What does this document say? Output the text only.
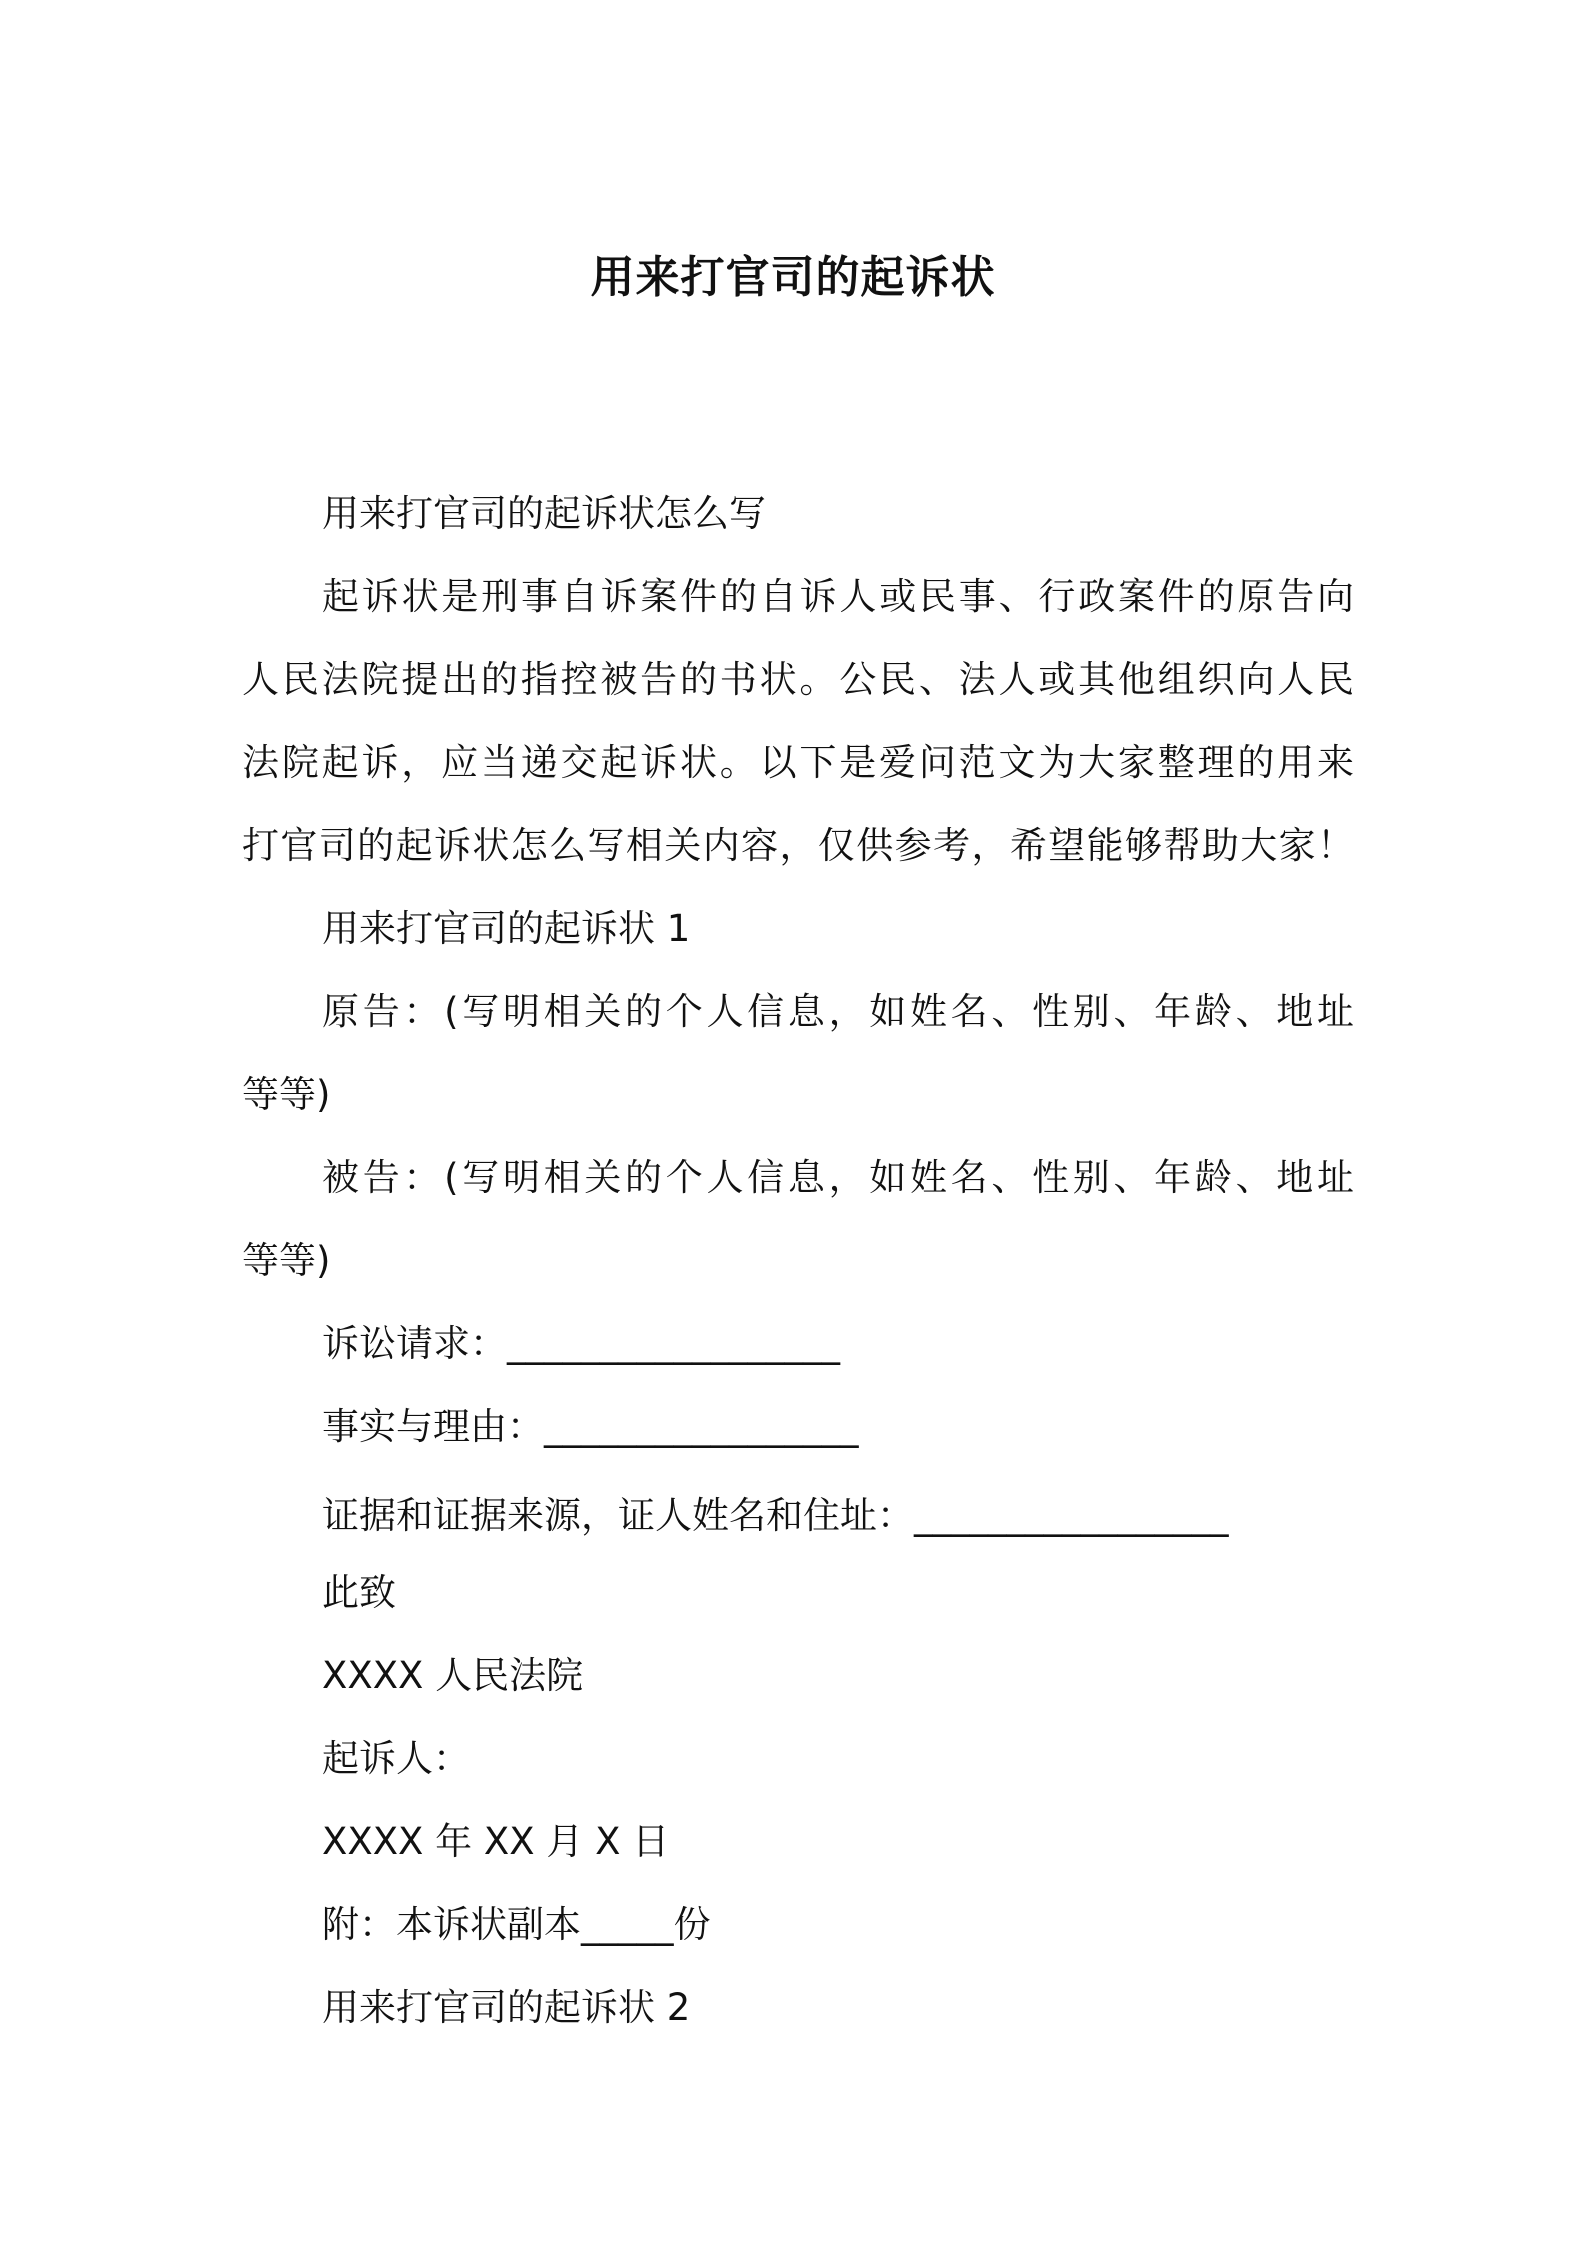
用来打官司的起诉状
用来打官司的起诉状怎么写
起诉状是刑事自诉案件的自诉人或民事、行政案件的原告向
人民法院提出的指控被告的书状。公民、法人或其他组织向人民
法院起诉，应当递交起诉状。以下是爱问范文为大家整理的用来
打官司的起诉状怎么写相关内容，仅供参考，希望能够帮助大家！
用来打官司的起诉状 1
原告：(写明相关的个人信息，如姓名、性别、年龄、地址
等等)
被告：(写明相关的个人信息，如姓名、性别、年龄、地址
等等)
诉讼请求：__________________
事实与理由：_________________
证据和证据来源，证人姓名和住址：_________________
此致
XXXX 人民法院
起诉人：
XXXX 年 XX 月 X 日
附：本诉状副本_____份
用来打官司的起诉状 2
